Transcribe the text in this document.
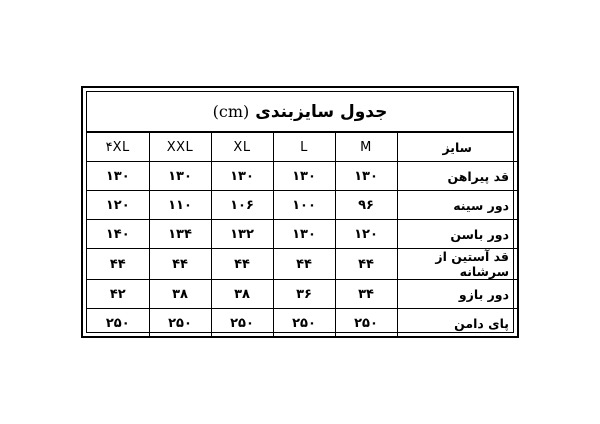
جدول سایزبندی
(cm)
سایز	M	L	XL	XXL	۴XL
قد پیراهن	۱۳۰	۱۳۰	۱۳۰	۱۳۰	۱۳۰
دور سینه	۹۶	۱۰۰	۱۰۶	۱۱۰	۱۲۰
دور باسن	۱۲۰	۱۳۰	۱۳۲	۱۳۴	۱۴۰
قد آستین از سرشانه	۴۴	۴۴	۴۴	۴۴	۴۴
دور بازو	۳۴	۳۶	۳۸	۳۸	۴۲
پای دامن	۲۵۰	۲۵۰	۲۵۰	۲۵۰	۲۵۰
